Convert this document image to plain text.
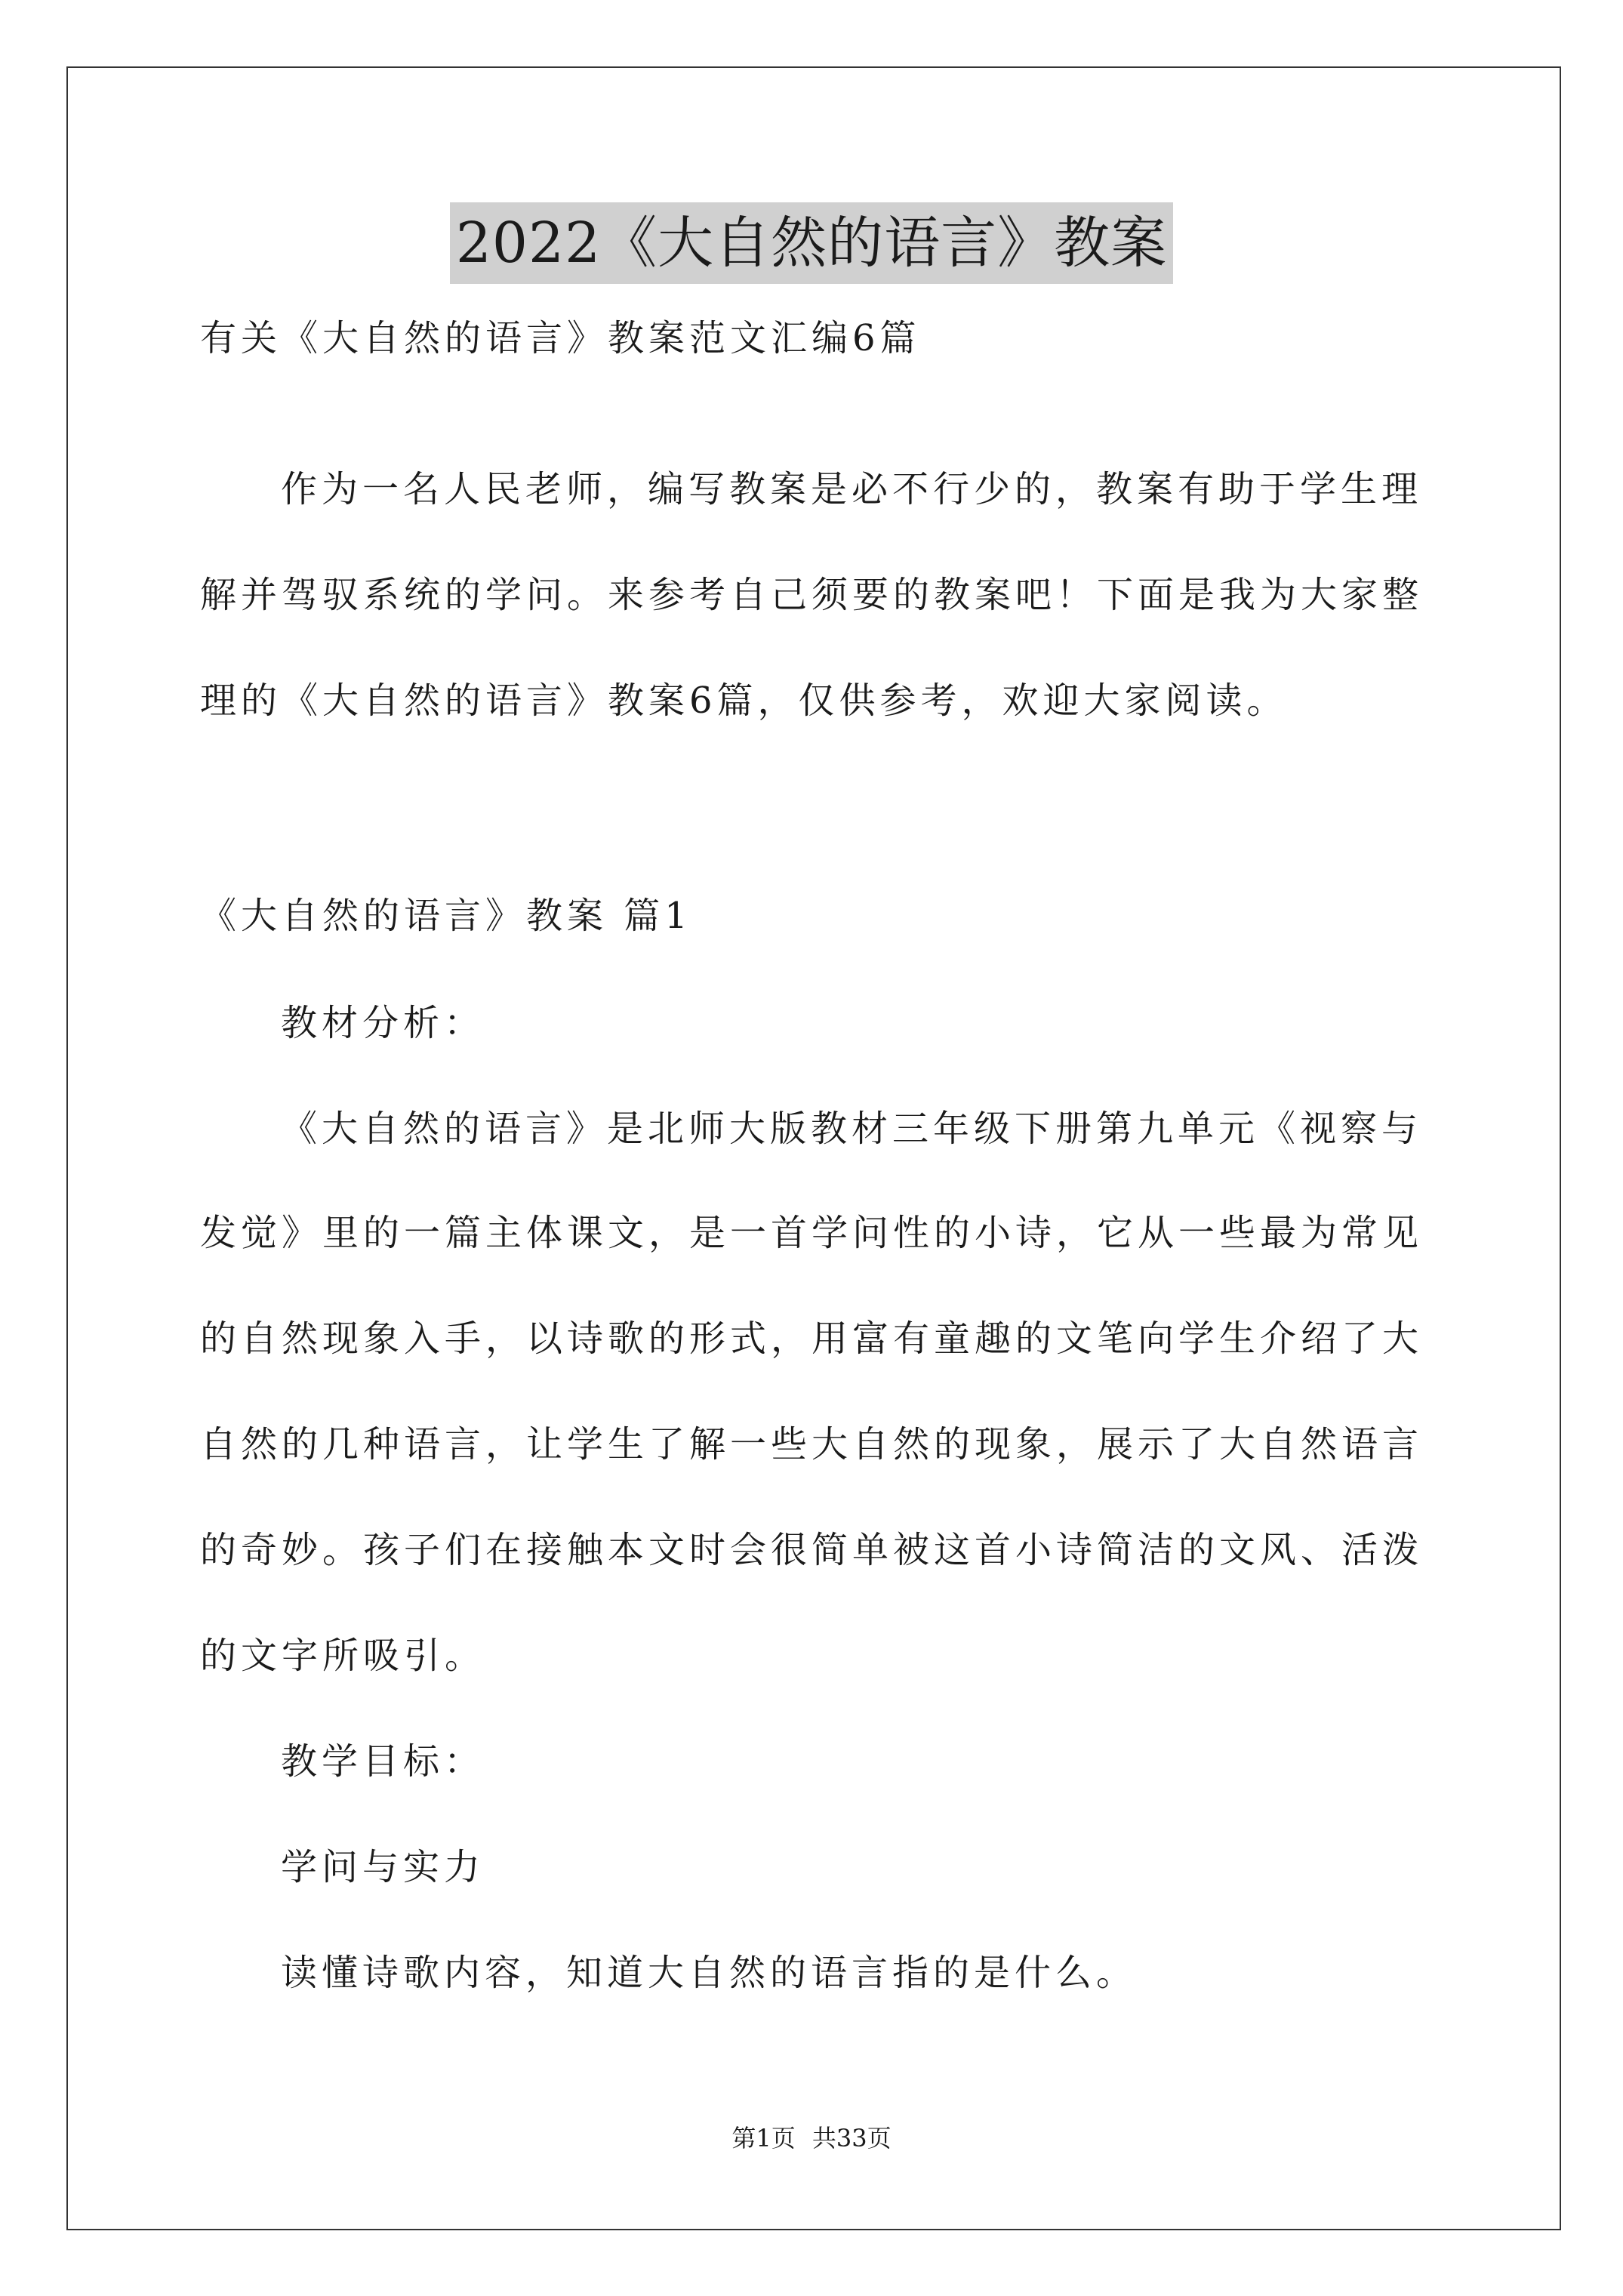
2022《大自然的语言》教案
有关《大自然的语言》教案范文汇编6篇
作为一名人民老师，编写教案是必不行少的，教案有助于学生理
解并驾驭系统的学问。来参考自己须要的教案吧！下面是我为大家整
理的《大自然的语言》教案6篇，仅供参考，欢迎大家阅读。
《大自然的语言》教案 篇1
教材分析：
《大自然的语言》是北师大版教材三年级下册第九单元《视察与
发觉》里的一篇主体课文，是一首学问性的小诗，它从一些最为常见
的自然现象入手，以诗歌的形式，用富有童趣的文笔向学生介绍了大
自然的几种语言，让学生了解一些大自然的现象，展示了大自然语言
的奇妙。孩子们在接触本文时会很简单被这首小诗简洁的文风、活泼
的文字所吸引。
教学目标：
学问与实力
读懂诗歌内容，知道大自然的语言指的是什么。
第1页 共33页
